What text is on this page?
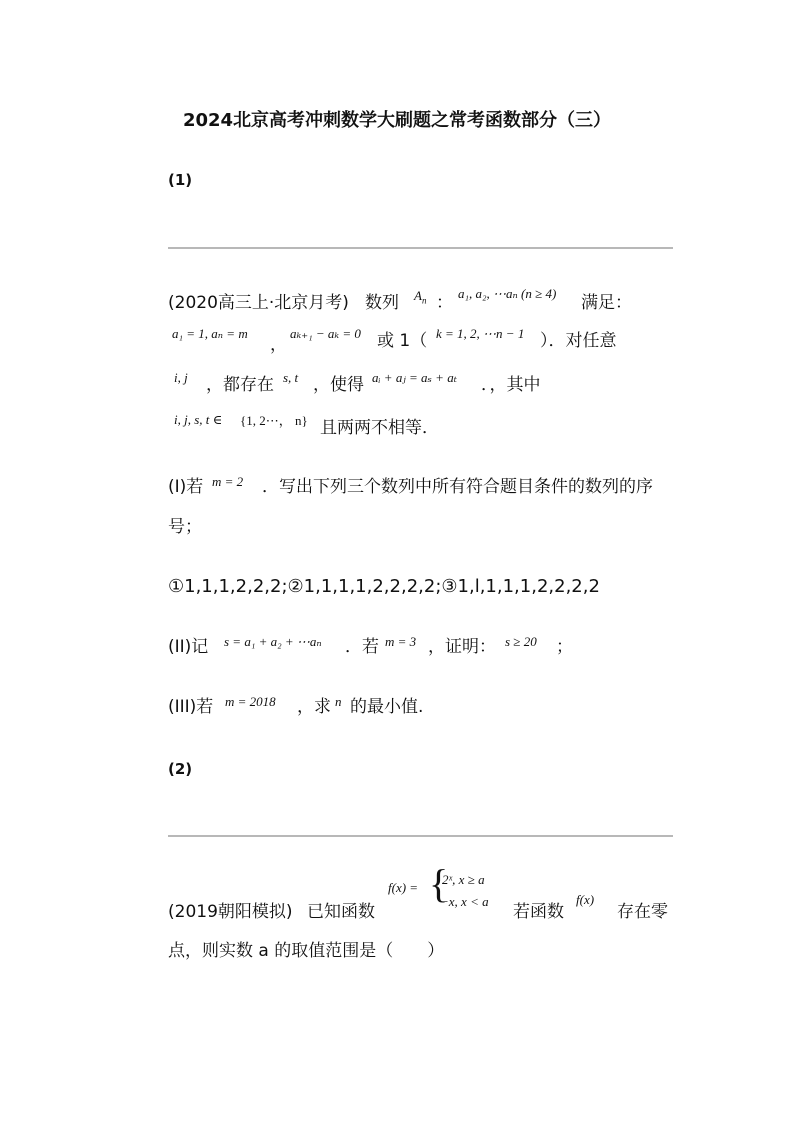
2024北京高考冲刺数学大刷题之常考函数部分（三）
(1)
(2020高三上·北京月考) 数列 $A_n$ ： a₁, a₂, ⋯aₙ (n ≥ 4) 满足：
a₁ = 1, aₙ = m
，
aₖ₊₁ − aₖ = 0 或 1（ k = 1, 2, ⋯n − 1 ）．对任意
i, j ，都存在 s, t ，使得 aᵢ + aⱼ = aₛ + aₜ ．，其中
i, j, s, t ∈ {1, 2⋯， n} 且两两不相等．
(I)若 m = 2 ．写出下列三个数列中所有符合题目条件的数列的序
号；
①1,1,1,2,2,2;②1,1,1,1,2,2,2,2;③1,l,1,1,1,2,2,2,2
(II)记 s = a₁ + a₂ + ⋯aₙ ．若 m = 3 ，证明： s ≥ 20 ；
(III)若 m = 2018 ，求 n 的最小值.
(2)
(2019朝阳模拟) 已知函数
f(x) = {
2ˣ, x ≥ a
−x, x < a
若函数
f(x)
存在零
点，则实数 a 的取值范围是（　　）
